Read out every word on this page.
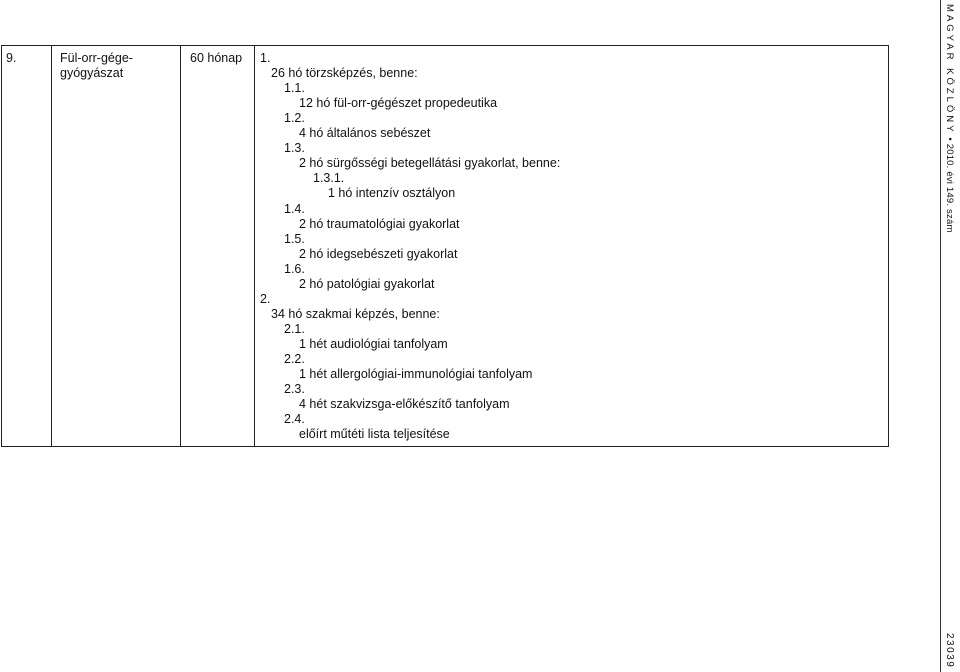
9.	Fül-orr-gége-
gyógyászat
60 hónap 1.
26 hó törzsképzés, benne:
1.1.
12 hó fül-orr-gégészet propedeutika
1.2.
4 hó általános sebészet
1.3.
2 hó sürgősségi betegellátási gyakorlat, benne:
1.3.1.
1 hó intenzív osztályon
1.4.
2 hó traumatológiai gyakorlat
1.5.
2 hó idegsebészeti gyakorlat
1.6.
2 hó patológiai gyakorlat
2.
34 hó szakmai képzés, benne:
2.1.
1 hét audiológiai tanfolyam
2.2.
1 hét allergológiai-immunológiai tanfolyam
2.3.
4 hét szakvizsga-előkészítő tanfolyam
2.4.
előírt műtéti lista teljesítése
MAGYAR KÖZLÖNY • 2010. évi 149. szám
23039
